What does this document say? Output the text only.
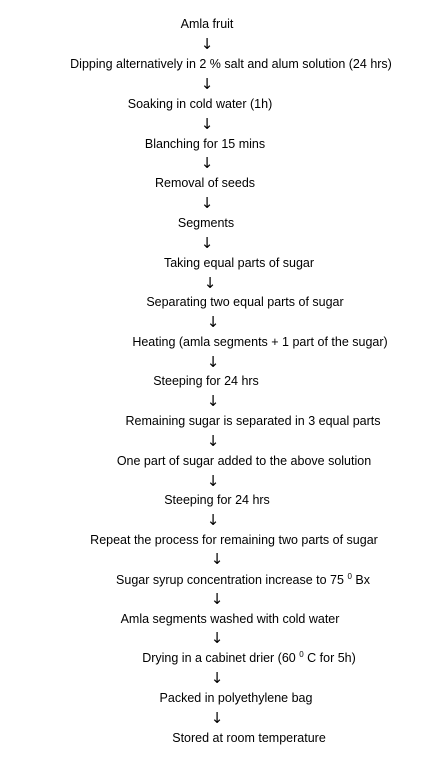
Amla fruit
↓
Dipping alternatively in 2 % salt and alum solution (24 hrs)
↓
Soaking in cold water (1h)
↓
Blanching for 15 mins
↓
Removal of seeds
↓
Segments
↓
Taking equal parts of sugar
↓
Separating two equal parts of sugar
↓
Heating (amla segments + 1 part of the sugar)
↓
Steeping for 24 hrs
↓
Remaining sugar is separated in 3 equal parts
↓
One part of sugar added to the above solution
↓
Steeping for 24 hrs
↓
Repeat the process for remaining two parts of sugar
↓
Sugar syrup concentration increase to 75 $^0$ Bx
↓
Amla segments washed with cold water
↓
Drying in a cabinet drier (60 $^0$ C for 5h)
↓
Packed in polyethylene bag
↓
Stored at room temperature
